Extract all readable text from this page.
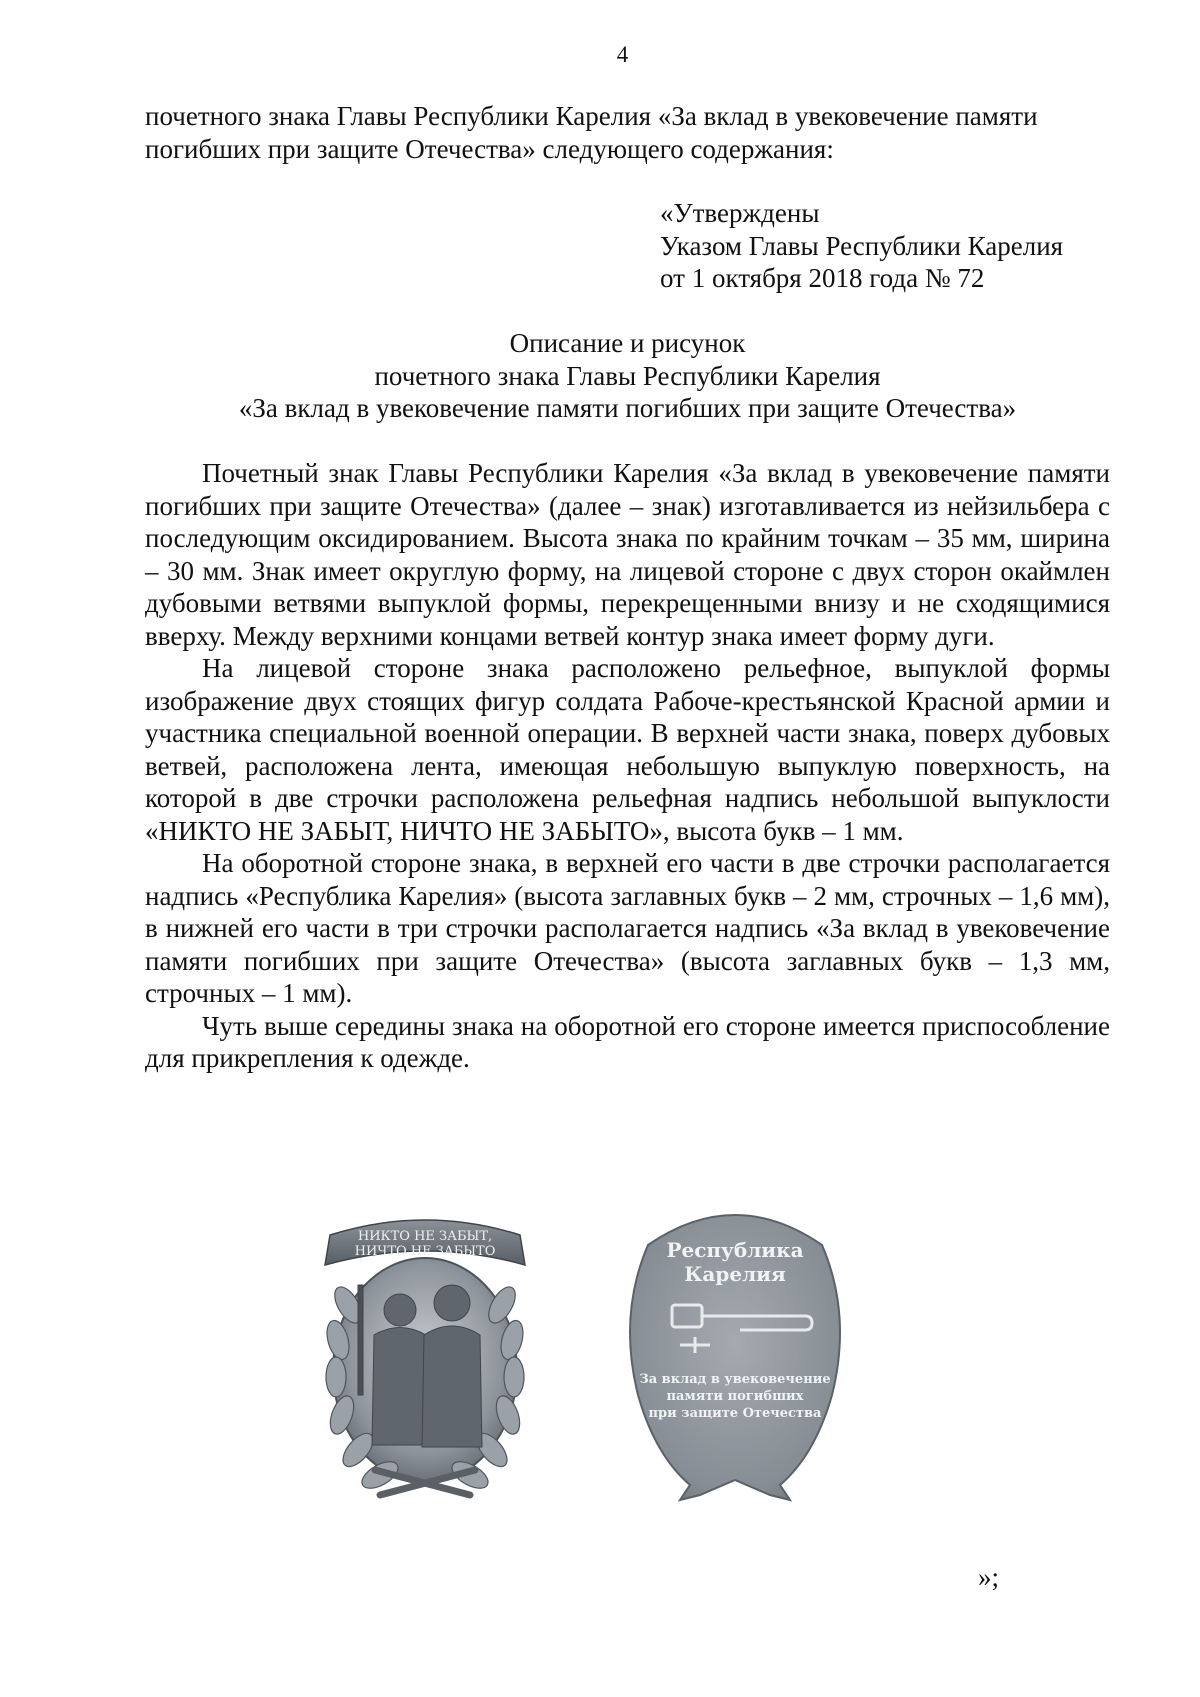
4
почетного знака Главы Республики Карелия «За вклад в увековечение памяти
погибших при защите Отечества» следующего содержания:
«Утверждены
Указом Главы Республики Карелия
от 1 октября 2018 года № 72
Описание и рисунок
почетного знака Главы Республики Карелия
«За вклад в увековечение памяти погибших при защите Отечества»

Почетный знак Главы Республики Карелия «За вклад в увековечение памяти погибших при защите Отечества» (далее – знак) изготавливается из нейзильбера с последующим оксидированием. Высота знака по крайним точкам – 35 мм, ширина – 30 мм. Знак имеет округлую форму, на лицевой стороне с двух сторон окаймлен дубовыми ветвями выпуклой формы, перекрещенными внизу и не сходящимися вверху. Между верхними концами ветвей контур знака имеет форму дуги.

На лицевой стороне знака расположено рельефное, выпуклой формы изображение двух стоящих фигур солдата Рабоче-крестьянской Красной армии и участника специальной военной операции. В верхней части знака, поверх дубовых ветвей, расположена лента, имеющая небольшую выпуклую поверхность, на которой в две строчки расположена рельефная надпись небольшой выпуклости «НИКТО НЕ ЗАБЫТ, НИЧТО НЕ ЗАБЫТО», высота букв – 1 мм.

На оборотной стороне знака, в верхней его части в две строчки располагается надпись «Республика Карелия» (высота заглавных букв – 2 мм, строчных – 1,6 мм), в нижней его части в три строчки располагается надпись «За вклад в увековечение памяти погибших при защите Отечества» (высота заглавных букв – 1,3 мм, строчных – 1 мм).

Чуть выше середины знака на оборотной его стороне имеется приспособление для прикрепления к одежде.

НИКТО НЕ ЗАБЫТ,
НИЧТО НЕ ЗАБЫТО	Республика
Карелия
За вклад в увековечение
памяти погибших
при защите Отечества
»;
